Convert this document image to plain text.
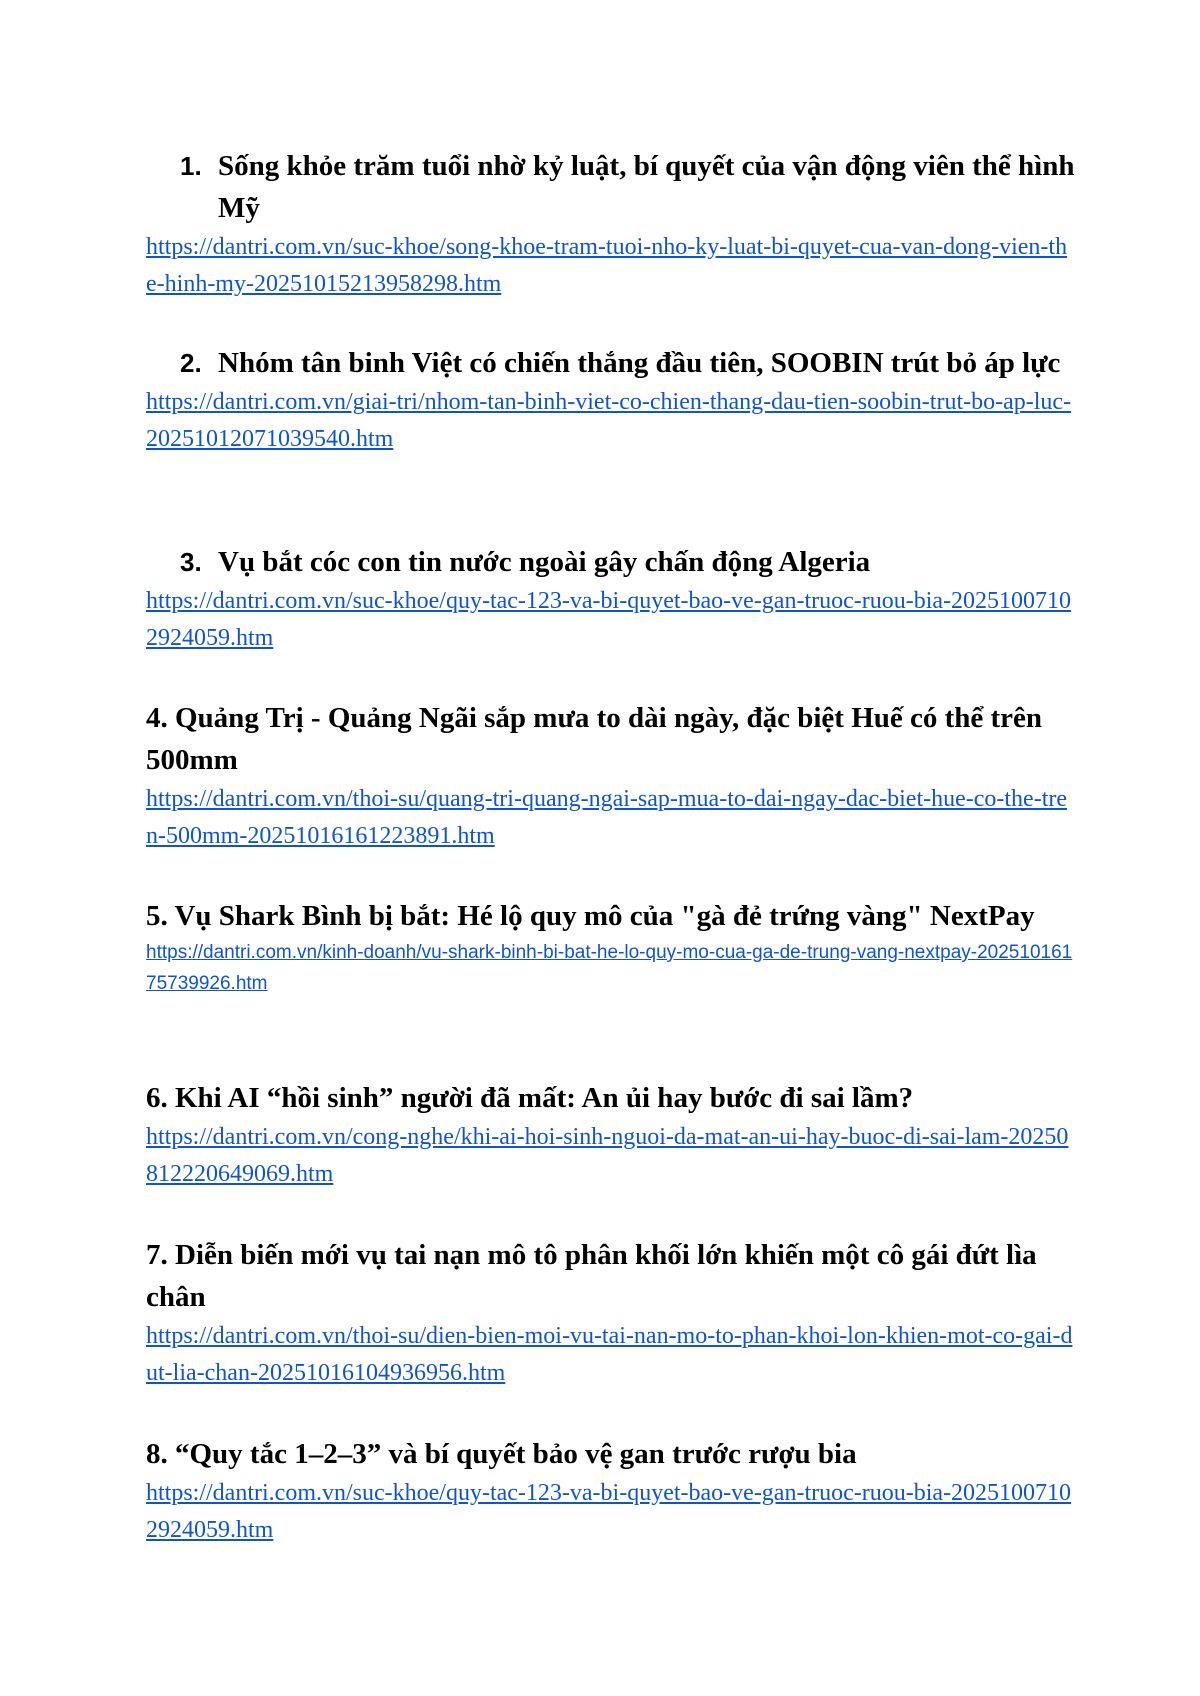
1. Sống khỏe trăm tuổi nhờ kỷ luật, bí quyết của vận động viên thể hình Mỹ

https://dantri.com.vn/suc-khoe/song-khoe-tram-tuoi-nho-ky-luat-bi-quyet-cua-van-dong-vien-the-hinh-my-20251015213958298.htm

2. Nhóm tân binh Việt có chiến thắng đầu tiên, SOOBIN trút bỏ áp lực

https://dantri.com.vn/giai-tri/nhom-tan-binh-viet-co-chien-thang-dau-tien-soobin-trut-bo-ap-luc-20251012071039540.htm

3. Vụ bắt cóc con tin nước ngoài gây chấn động Algeria

https://dantri.com.vn/suc-khoe/quy-tac-123-va-bi-quyet-bao-ve-gan-truoc-ruou-bia-20251007102924059.htm

4. Quảng Trị - Quảng Ngãi sắp mưa to dài ngày, đặc biệt Huế có thể trên 500mm

https://dantri.com.vn/thoi-su/quang-tri-quang-ngai-sap-mua-to-dai-ngay-dac-biet-hue-co-the-tren-500mm-20251016161223891.htm

5. Vụ Shark Bình bị bắt: Hé lộ quy mô của "gà đẻ trứng vàng" NextPay

https://dantri.com.vn/kinh-doanh/vu-shark-binh-bi-bat-he-lo-quy-mo-cua-ga-de-trung-vang-nextpay-20251016175739926.htm

6. Khi AI “hồi sinh” người đã mất: An ủi hay bước đi sai lầm?

https://dantri.com.vn/cong-nghe/khi-ai-hoi-sinh-nguoi-da-mat-an-ui-hay-buoc-di-sai-lam-20250812220649069.htm

7. Diễn biến mới vụ tai nạn mô tô phân khối lớn khiến một cô gái đứt lìa chân

https://dantri.com.vn/thoi-su/dien-bien-moi-vu-tai-nan-mo-to-phan-khoi-lon-khien-mot-co-gai-dut-lia-chan-20251016104936956.htm

8. “Quy tắc 1–2–3” và bí quyết bảo vệ gan trước rượu bia

https://dantri.com.vn/suc-khoe/quy-tac-123-va-bi-quyet-bao-ve-gan-truoc-ruou-bia-20251007102924059.htm
